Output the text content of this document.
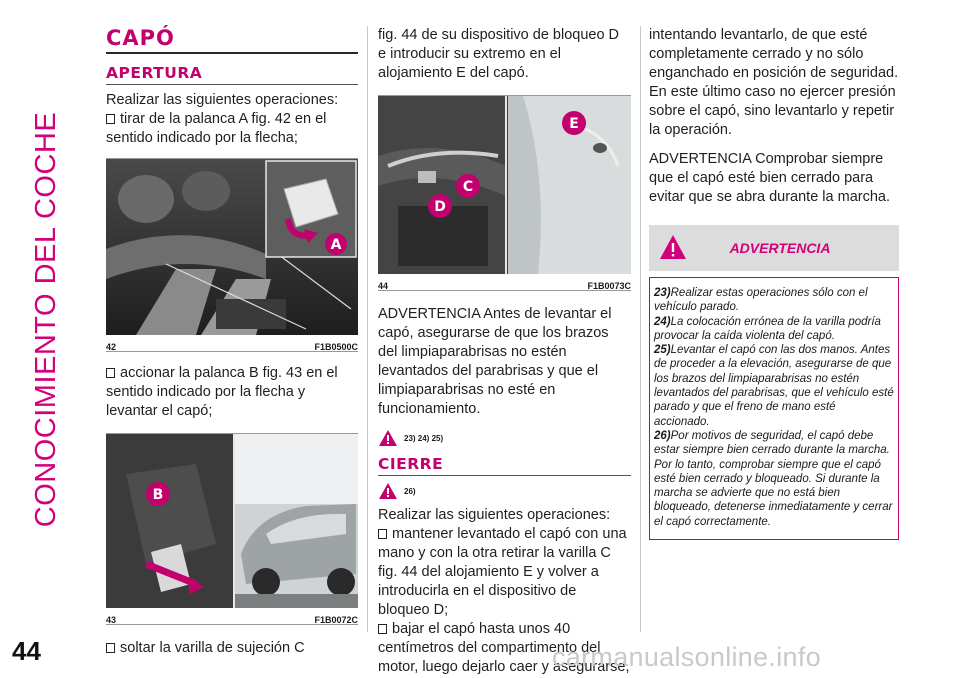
CONOCIMIENTO DEL COCHE
44
CAPÓ
APERTURA
Realizar las siguientes operaciones:
tirar de la palanca A fig. 42 en el sentido indicado por la flecha;
A
42	F1B0500C
accionar la palanca B fig. 43 en el sentido indicado por la flecha y levantar el capó;
B
43	F1B0072C
soltar la varilla de sujeción C
fig. 44 de su dispositivo de bloqueo D e introducir su extremo en el alojamiento E del capó.
C
D
E
44	F1B0073C
ADVERTENCIA Antes de levantar el capó, asegurarse de que los brazos del limpiaparabrisas no estén levantados del parabrisas y que el limpiaparabrisas no esté en funcionamiento.
23) 24) 25)
CIERRE
26)
Realizar las siguientes operaciones:
mantener levantado el capó con una mano y con la otra retirar la varilla C fig. 44 del alojamiento E y volver a introducirla en el dispositivo de bloqueo D;
bajar el capó hasta unos 40 centímetros del compartimento del motor, luego dejarlo caer y asegurarse,
intentando levantarlo, de que esté completamente cerrado y no sólo enganchado en posición de seguridad. En este último caso no ejercer presión sobre el capó, sino levantarlo y repetir la operación.
ADVERTENCIA Comprobar siempre que el capó esté bien cerrado para evitar que se abra durante la marcha.
ADVERTENCIA
23)Realizar estas operaciones sólo con el vehículo parado.
24)La colocación errónea de la varilla podría provocar la caída violenta del capó.
25)Levantar el capó con las dos manos. Antes de proceder a la elevación, asegurarse de que los brazos del limpiaparabrisas no estén levantados del parabrisas, que el vehículo esté parado y que el freno de mano esté accionado.
26)Por motivos de seguridad, el capó debe estar siempre bien cerrado durante la marcha. Por lo tanto, comprobar siempre que el capó esté bien cerrado y bloqueado. Si durante la marcha se advierte que no está bien bloqueado, detenerse inmediatamente y cerrar el capó correctamente.
carmanualsonline.info
